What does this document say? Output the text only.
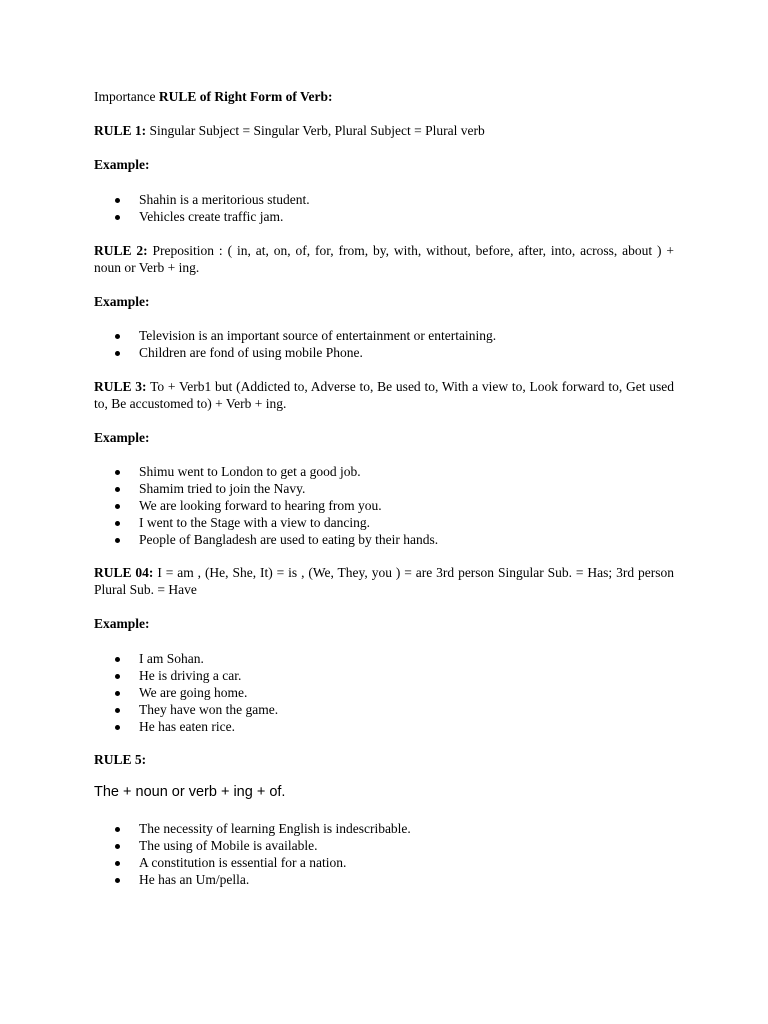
Importance RULE of Right Form of Verb:
RULE 1: Singular Subject = Singular Verb, Plural Subject = Plural verb
Example:
Shahin is a meritorious student.
Vehicles create traffic jam.
RULE 2: Preposition : ( in, at, on, of, for, from, by, with, without, before, after, into, across, about ) + noun or Verb + ing.
Example:
Television is an important source of entertainment or entertaining.
Children are fond of using mobile Phone.
RULE 3: To + Verb1 but (Addicted to, Adverse to, Be used to, With a view to, Look forward to, Get used to, Be accustomed to) + Verb + ing.
Example:
Shimu went to London to get a good job.
Shamim tried to join the Navy.
We are looking forward to hearing from you.
I went to the Stage with a view to dancing.
People of Bangladesh are used to eating by their hands.
RULE 04: I = am , (He, She, It) = is , (We, They, you ) = are 3rd person Singular Sub. = Has; 3rd person Plural Sub. = Have
Example:
I am Sohan.
He is driving a car.
We are going home.
They have won the game.
He has eaten rice.
RULE 5:
The + noun or verb + ing + of.
The necessity of learning English is indescribable.
The using of Mobile is available.
A constitution is essential for a nation.
He has an Um/pella.
